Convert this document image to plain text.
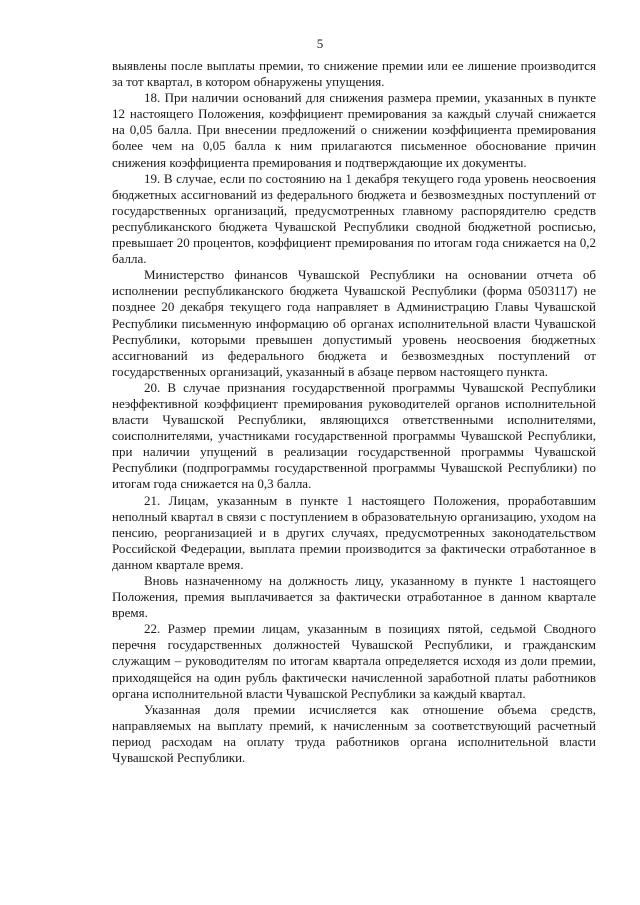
5

выявлены после выплаты премии, то снижение премии или ее лишение производится за тот квартал, в котором обнаружены упущения.

18. При наличии оснований для снижения размера премии, указанных в пункте 12 настоящего Положения, коэффициент премирования за каждый случай снижается на 0,05 балла. При внесении предложений о снижении коэффициента премирования более чем на 0,05 балла к ним прилагаются письменное обоснование причин снижения коэффициента премирования и подтверждающие их документы.

19. В случае, если по состоянию на 1 декабря текущего года уровень неосвоения бюджетных ассигнований из федерального бюджета и безвозмездных поступлений от государственных организаций, предусмотренных главному распорядителю средств республиканского бюджета Чувашской Республики сводной бюджетной росписью, превышает 20 процентов, коэффициент премирования по итогам года снижается на 0,2 балла.

Министерство финансов Чувашской Республики на основании отчета об исполнении республиканского бюджета Чувашской Республики (форма 0503117) не позднее 20 декабря текущего года направляет в Администрацию Главы Чувашской Республики письменную информацию об органах исполнительной власти Чувашской Республики, которыми превышен допустимый уровень неосвоения бюджетных ассигнований из федерального бюджета и безвозмездных поступлений от государственных организаций, указанный в абзаце первом настоящего пункта.

20. В случае признания государственной программы Чувашской Республики неэффективной коэффициент премирования руководителей органов исполнительной власти Чувашской Республики, являющихся ответственными исполнителями, соисполнителями, участниками государственной программы Чувашской Республики, при наличии упущений в реализации государственной программы Чувашской Республики (подпрограммы государственной программы Чувашской Республики) по итогам года снижается на 0,3 балла.

21. Лицам, указанным в пункте 1 настоящего Положения, проработавшим неполный квартал в связи с поступлением в образовательную организацию, уходом на пенсию, реорганизацией и в других случаях, предусмотренных законодательством Российской Федерации, выплата премии производится за фактически отработанное в данном квартале время.

Вновь назначенному на должность лицу, указанному в пункте 1 настоящего Положения, премия выплачивается за фактически отработанное в данном квартале время.

22. Размер премии лицам, указанным в позициях пятой, седьмой Сводного перечня государственных должностей Чувашской Республики, и гражданским служащим – руководителям по итогам квартала определяется исходя из доли премии, приходящейся на один рубль фактически начисленной заработной платы работников органа исполнительной власти Чувашской Республики за каждый квартал.

Указанная доля премии исчисляется как отношение объема средств, направляемых на выплату премий, к начисленным за соответствующий расчетный период расходам на оплату труда работников органа исполнительной власти Чувашской Республики.
